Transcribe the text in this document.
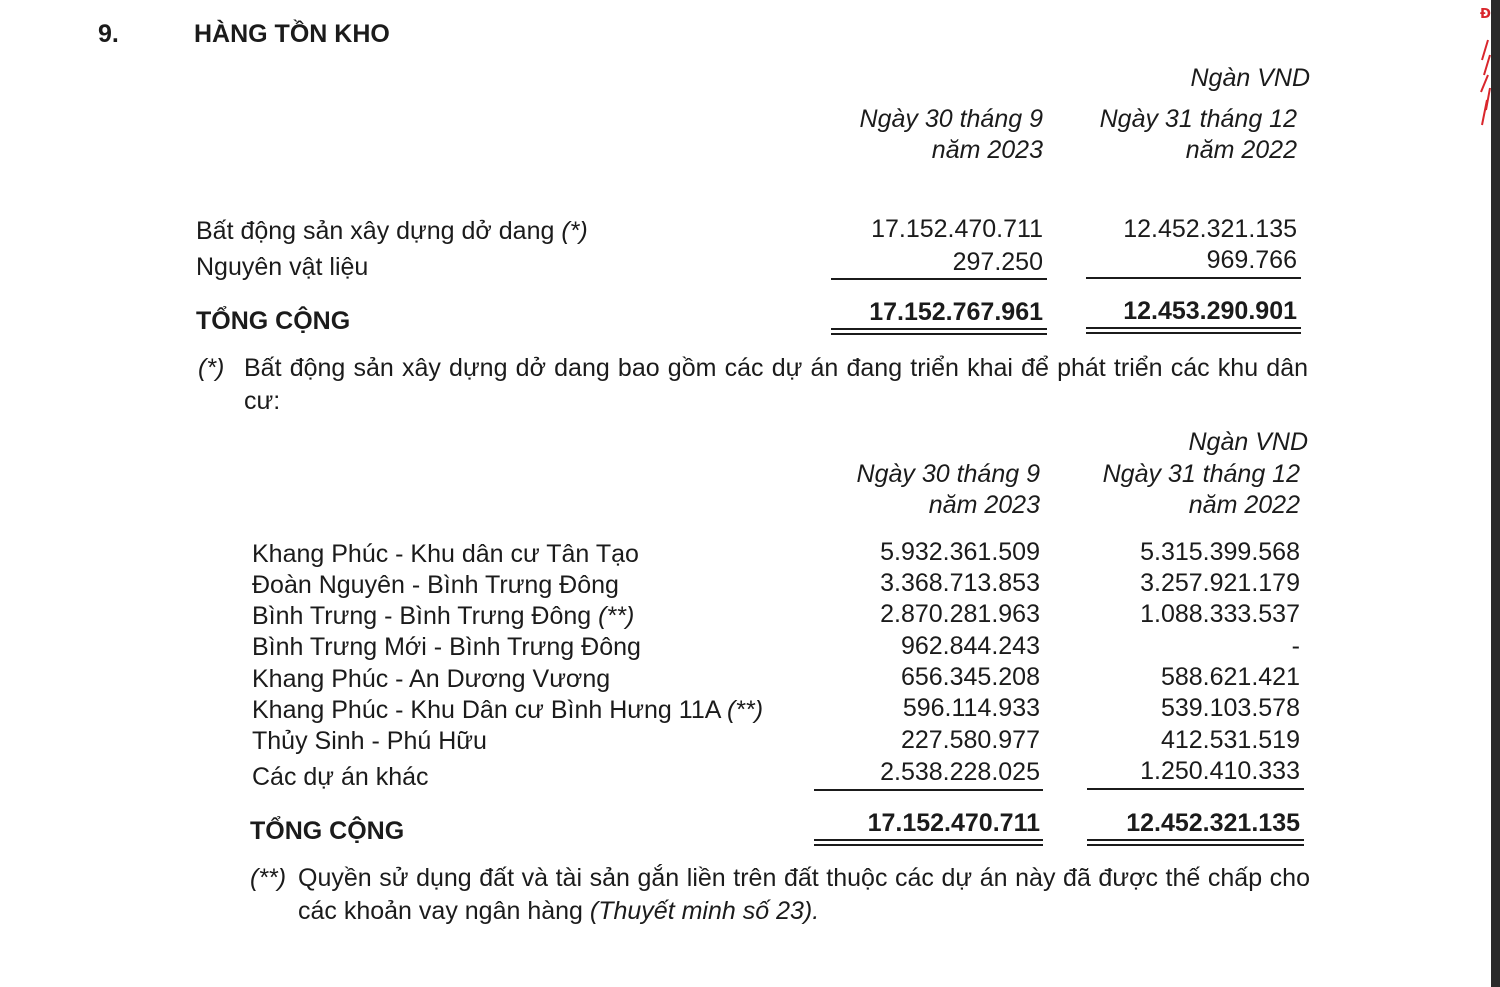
9.	HÀNG TỒN KHO
Ngàn VND
Ngày 30 tháng 9
năm 2023
Ngày 31 tháng 12
năm 2022
Bất động sản xây dựng dở dang (*)	17.152.470.711	12.452.321.135
Nguyên vật liệu	297.250	969.766
TỔNG CỘNG	17.152.767.961	12.453.290.901
(*) Bất động sản xây dựng dở dang bao gồm các dự án đang triển khai để phát triển các khu dân cư:
Ngàn VND
Ngày 30 tháng 9
năm 2023
Ngày 31 tháng 12
năm 2022
Khang Phúc - Khu dân cư Tân Tạo	5.932.361.509	5.315.399.568
Đoàn Nguyên - Bình Trưng Đông	3.368.713.853	3.257.921.179
Bình Trưng - Bình Trưng Đông (**)	2.870.281.963	1.088.333.537
Bình Trưng Mới - Bình Trưng Đông	962.844.243	-
Khang Phúc - An Dương Vương	656.345.208	588.621.421
Khang Phúc - Khu Dân cư Bình Hưng 11A (**)	596.114.933	539.103.578
Thủy Sinh - Phú Hữu	227.580.977	412.531.519
Các dự án khác	2.538.228.025	1.250.410.333
TỔNG CỘNG	17.152.470.711	12.452.321.135
(**) Quyền sử dụng đất và tài sản gắn liền trên đất thuộc các dự án này đã được thế chấp cho các khoản vay ngân hàng (Thuyết minh số 23).
Đ
